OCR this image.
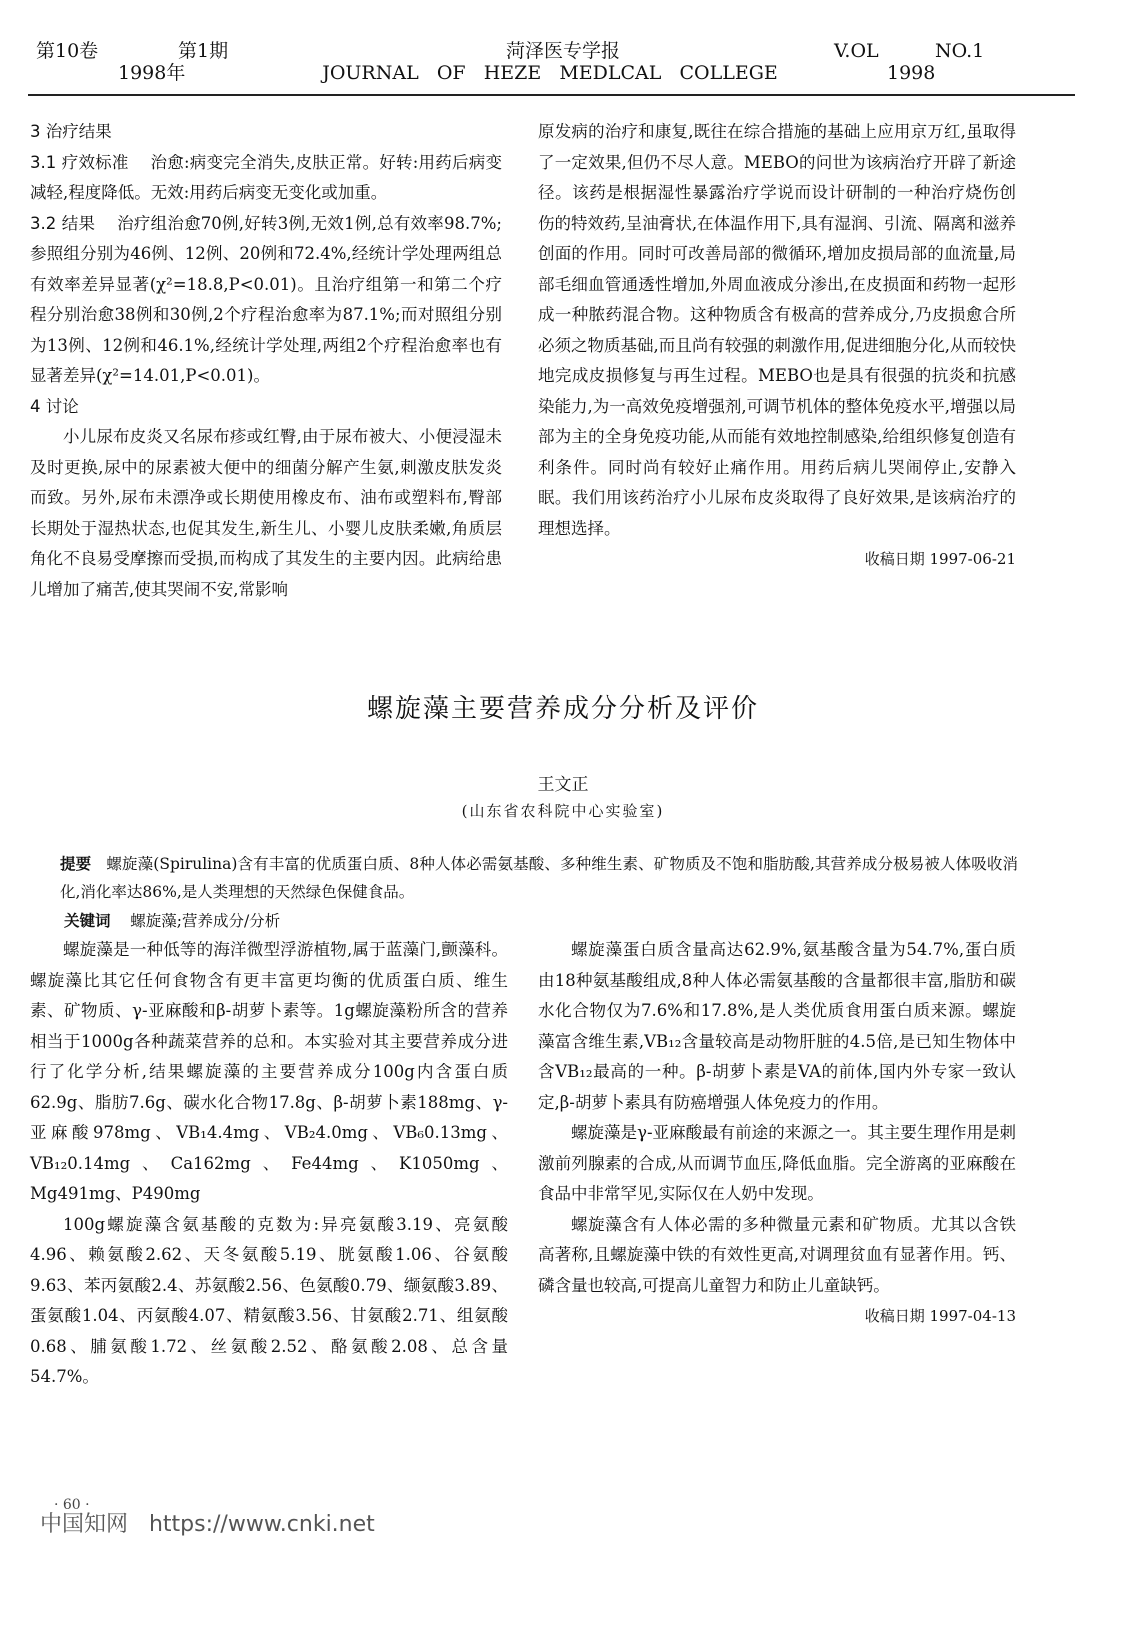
第10卷	第1期
1998年
菏泽医专学报
JOURNAL   OF   HEZE   MEDLCAL   COLLEGE
V.OL	NO.1
1998

3 治疗结果

3.1 疗效标准 治愈:病变完全消失,皮肤正常。好转:用药后病变减轻,程度降低。无效:用药后病变无变化或加重。

3.2 结果 治疗组治愈70例,好转3例,无效1例,总有效率98.7%;参照组分别为46例、12例、20例和72.4%,经统计学处理两组总有效率差异显著(χ²=18.8,P<0.01)。且治疗组第一和第二个疗程分别治愈38例和30例,2个疗程治愈率为87.1%;而对照组分别为13例、12例和46.1%,经统计学处理,两组2个疗程治愈率也有显著差异(χ²=14.01,P<0.01)。

4 讨论

小儿尿布皮炎又名尿布疹或红臀,由于尿布被大、小便浸湿未及时更换,尿中的尿素被大便中的细菌分解产生氨,刺激皮肤发炎而致。另外,尿布未漂净或长期使用橡皮布、油布或塑料布,臀部长期处于湿热状态,也促其发生,新生儿、小婴儿皮肤柔嫩,角质层角化不良易受摩擦而受损,而构成了其发生的主要内因。此病给患儿增加了痛苦,使其哭闹不安,常影响

原发病的治疗和康复,既往在综合措施的基础上应用京万红,虽取得了一定效果,但仍不尽人意。MEBO的问世为该病治疗开辟了新途径。该药是根据湿性暴露治疗学说而设计研制的一种治疗烧伤创伤的特效药,呈油膏状,在体温作用下,具有湿润、引流、隔离和滋养创面的作用。同时可改善局部的微循环,增加皮损局部的血流量,局部毛细血管通透性增加,外周血液成分渗出,在皮损面和药物一起形成一种脓药混合物。这种物质含有极高的营养成分,乃皮损愈合所必须之物质基础,而且尚有较强的刺激作用,促进细胞分化,从而较快地完成皮损修复与再生过程。MEBO也是具有很强的抗炎和抗感染能力,为一高效免疫增强剂,可调节机体的整体免疫水平,增强以局部为主的全身免疫功能,从而能有效地控制感染,给组织修复创造有利条件。同时尚有较好止痛作用。用药后病儿哭闹停止,安静入眠。我们用该药治疗小儿尿布皮炎取得了良好效果,是该病治疗的理想选择。

收稿日期 1997-06-21

螺旋藻主要营养成分分析及评价
王文正
(山东省农科院中心实验室)
提要 螺旋藻(Spirulina)含有丰富的优质蛋白质、8种人体必需氨基酸、多种维生素、矿物质及不饱和脂肪酸,其营养成分极易被人体吸收消化,消化率达86%,是人类理想的天然绿色保健食品。
关键词 螺旋藻;营养成分/分析

螺旋藻是一种低等的海洋微型浮游植物,属于蓝藻门,颤藻科。螺旋藻比其它任何食物含有更丰富更均衡的优质蛋白质、维生素、矿物质、γ-亚麻酸和β-胡萝卜素等。1g螺旋藻粉所含的营养相当于1000g各种蔬菜营养的总和。本实验对其主要营养成分进行了化学分析,结果螺旋藻的主要营养成分100g内含蛋白质62.9g、脂肪7.6g、碳水化合物17.8g、β-胡萝卜素188mg、γ-亚麻酸978mg、VB₁4.4mg、VB₂4.0mg、VB₆0.13mg、VB₁₂0.14mg、Ca162mg、Fe44mg、K1050mg、Mg491mg、P490mg

100g螺旋藻含氨基酸的克数为:异亮氨酸3.19、亮氨酸4.96、赖氨酸2.62、天冬氨酸5.19、胱氨酸1.06、谷氨酸9.63、苯丙氨酸2.4、苏氨酸2.56、色氨酸0.79、缬氨酸3.89、蛋氨酸1.04、丙氨酸4.07、精氨酸3.56、甘氨酸2.71、组氨酸0.68、脯氨酸1.72、丝氨酸2.52、酪氨酸2.08、总含量54.7%。

螺旋藻蛋白质含量高达62.9%,氨基酸含量为54.7%,蛋白质由18种氨基酸组成,8种人体必需氨基酸的含量都很丰富,脂肪和碳水化合物仅为7.6%和17.8%,是人类优质食用蛋白质来源。螺旋藻富含维生素,VB₁₂含量较高是动物肝脏的4.5倍,是已知生物体中含VB₁₂最高的一种。β-胡萝卜素是VA的前体,国内外专家一致认定,β-胡萝卜素具有防癌增强人体免疫力的作用。

螺旋藻是γ-亚麻酸最有前途的来源之一。其主要生理作用是刺激前列腺素的合成,从而调节血压,降低血脂。完全游离的亚麻酸在食品中非常罕见,实际仅在人奶中发现。

螺旋藻含有人体必需的多种微量元素和矿物质。尤其以含铁高著称,且螺旋藻中铁的有效性更高,对调理贫血有显著作用。钙、磷含量也较高,可提高儿童智力和防止儿童缺钙。

收稿日期 1997-04-13

· 60 ·
中国知网   https://www.cnki.net
